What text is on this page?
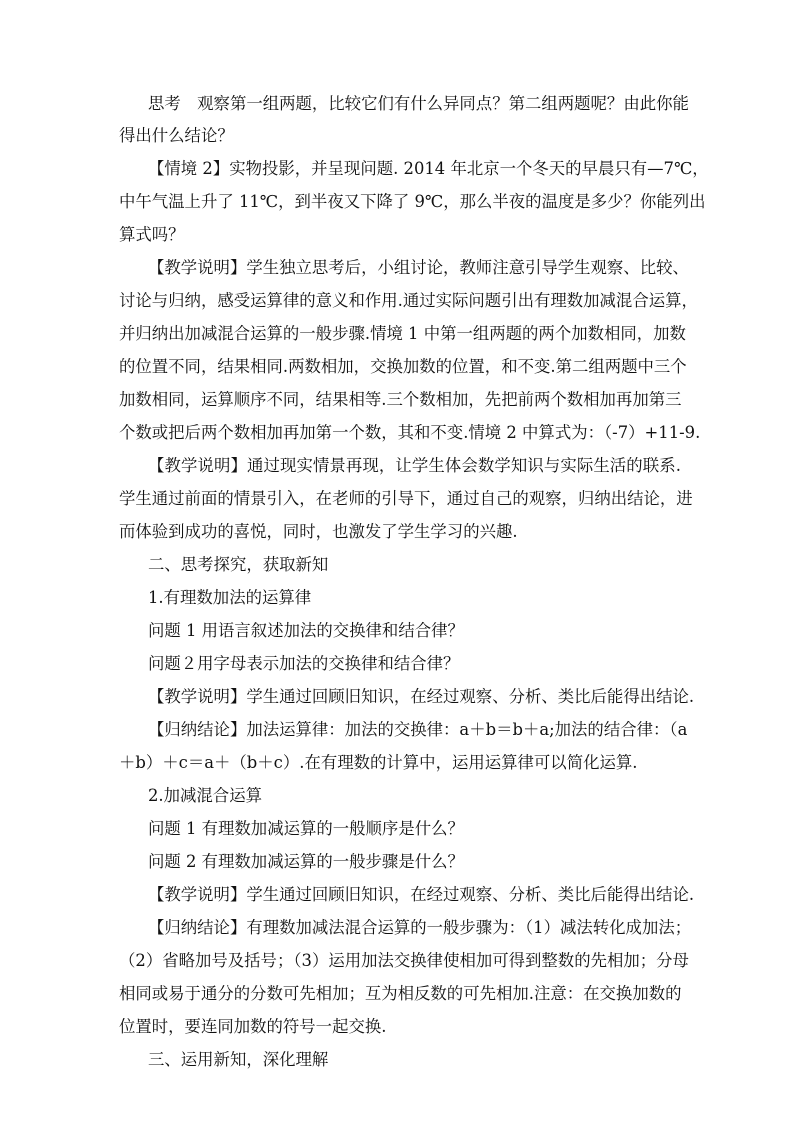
思考　观察第一组两题，比较它们有什么异同点？第二组两题呢？由此你能
得出什么结论？
【情境 2】实物投影，并呈现问题. 2014 年北京一个冬天的早晨只有—7℃，
中午气温上升了 11℃，到半夜又下降了 9℃，那么半夜的温度是多少？你能列出
算式吗？
【教学说明】学生独立思考后，小组讨论，教师注意引导学生观察、比较、
讨论与归纳，感受运算律的意义和作用.通过实际问题引出有理数加减混合运算，
并归纳出加减混合运算的一般步骤.情境 1 中第一组两题的两个加数相同，加数
的位置不同，结果相同.两数相加，交换加数的位置，和不变.第二组两题中三个
加数相同，运算顺序不同，结果相等.三个数相加，先把前两个数相加再加第三
个数或把后两个数相加再加第一个数，其和不变.情境 2 中算式为：（-7）+11-9.
【教学说明】通过现实情景再现，让学生体会数学知识与实际生活的联系.
学生通过前面的情景引入，在老师的引导下，通过自己的观察，归纳出结论，进
而体验到成功的喜悦，同时，也激发了学生学习的兴趣.
二、思考探究，获取新知
1.有理数加法的运算律
问题 1 用语言叙述加法的交换律和结合律？
问题２用字母表示加法的交换律和结合律？
【教学说明】学生通过回顾旧知识，在经过观察、分析、类比后能得出结论.
【归纳结论】加法运算律：加法的交换律：a＋b＝b＋a;加法的结合律：（a
＋b）＋c＝a＋（b＋c）.在有理数的计算中，运用运算律可以简化运算.
2.加减混合运算
问题 1 有理数加减运算的一般顺序是什么？
问题 2 有理数加减运算的一般步骤是什么？
【教学说明】学生通过回顾旧知识，在经过观察、分析、类比后能得出结论.
【归纳结论】有理数加减法混合运算的一般步骤为：（1）减法转化成加法；
（2）省略加号及括号；（3）运用加法交换律使相加可得到整数的先相加；分母
相同或易于通分的分数可先相加；互为相反数的可先相加.注意：在交换加数的
位置时，要连同加数的符号一起交换.
三、运用新知，深化理解
